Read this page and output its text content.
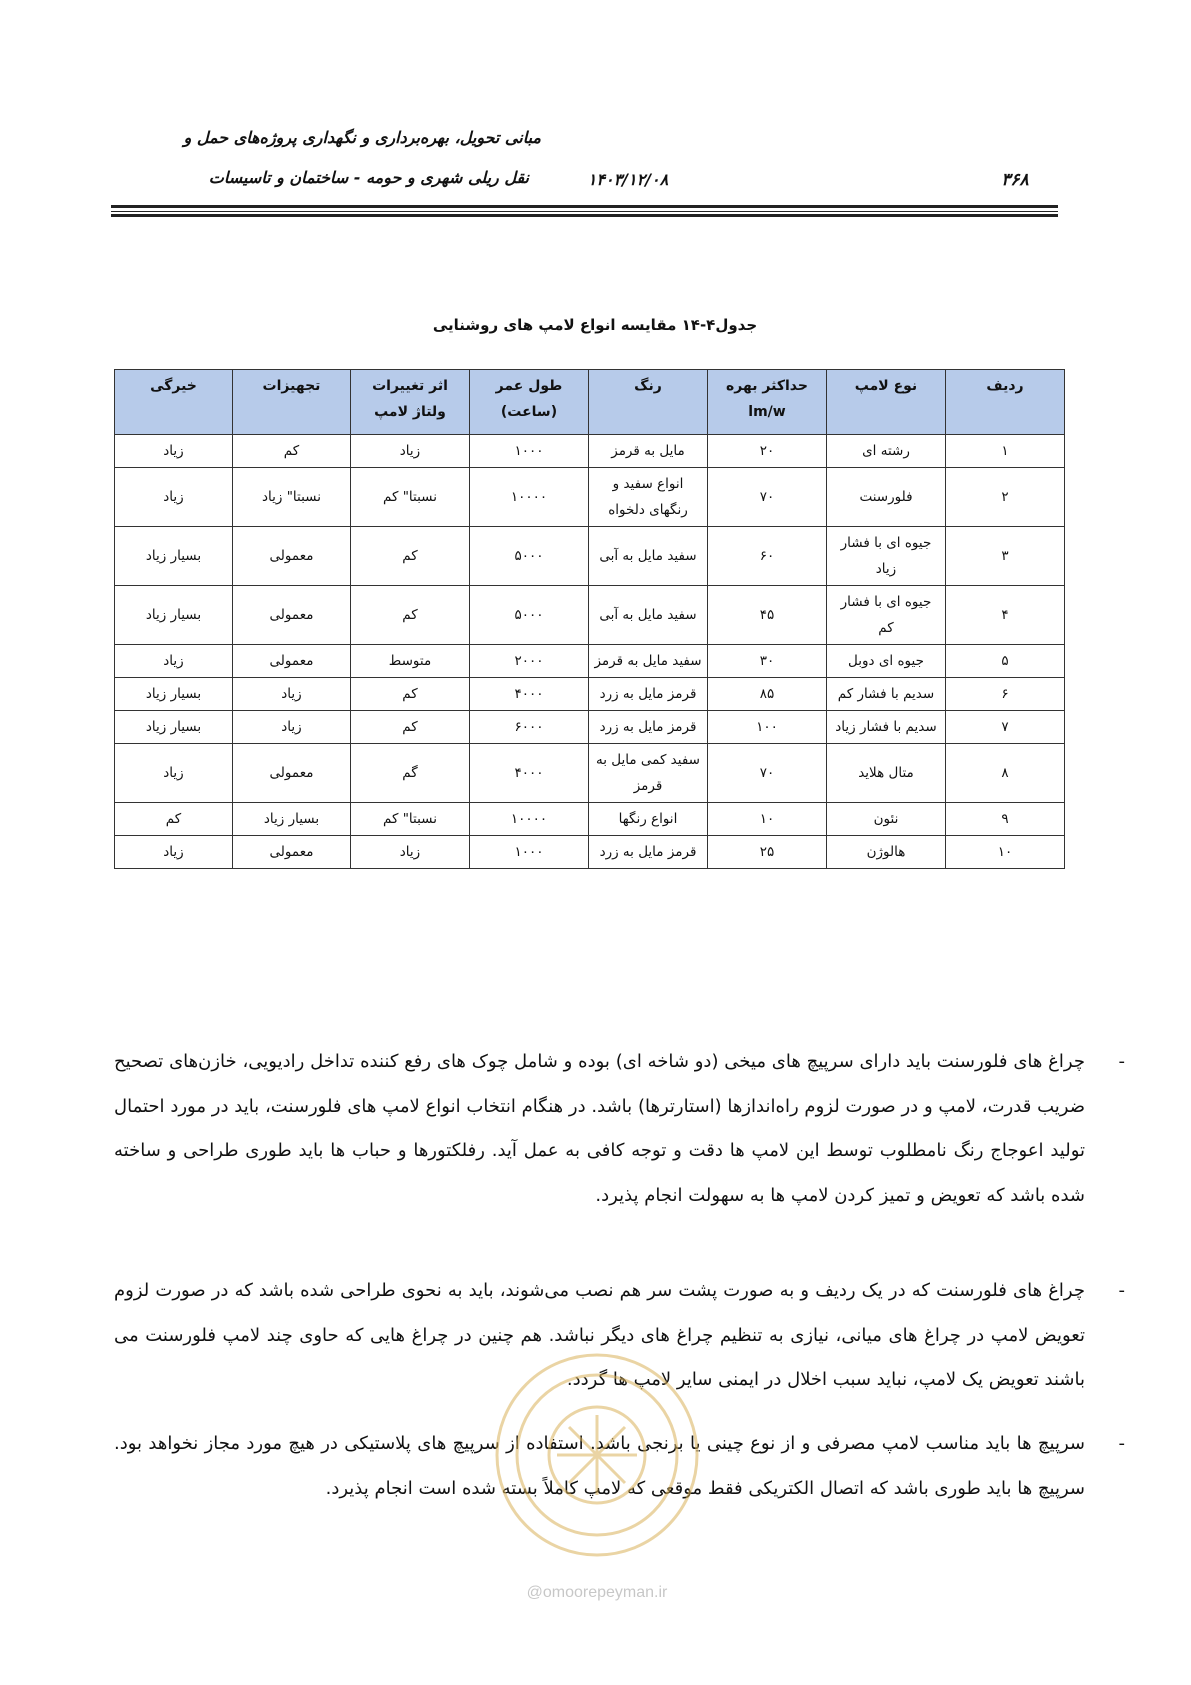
مبانی تحویل، بهره‌برداری و نگهداری پروژه‌های حمل و
نقل ریلی شهری و حومه - ساختمان و تاسیسات	۱۴۰۳/۱۲/۰۸	۳۶۸
جدول۴-۱۴ مقایسه انواع لامپ های روشنایی
ردیف	نوع لامپ	حداکثر بهره lm/w	رنگ	طول عمر (ساعت)	اثر تغییرات ولتاژ لامپ	تجهیزات	خیرگی
۱	رشته ای	۲۰	مایل به قرمز	۱۰۰۰	زیاد	کم	زیاد
۲	فلورسنت	۷۰	انواع سفید و رنگهای دلخواه	۱۰۰۰۰	نسبتا" کم	نسبتا" زیاد	زیاد
۳	جیوه ای با فشار زیاد	۶۰	سفید مایل به آبی	۵۰۰۰	کم	معمولی	بسیار زیاد
۴	جیوه ای با فشار کم	۴۵	سفید مایل به آبی	۵۰۰۰	کم	معمولی	بسیار زیاد
۵	جیوه ای دوبل	۳۰	سفید مایل به قرمز	۲۰۰۰	متوسط	معمولی	زیاد
۶	سدیم با فشار کم	۸۵	قرمز مایل به زرد	۴۰۰۰	کم	زیاد	بسیار زیاد
۷	سدیم با فشار زیاد	۱۰۰	قرمز مایل به زرد	۶۰۰۰	کم	زیاد	بسیار زیاد
۸	متال هلاید	۷۰	سفید کمی مایل به قرمز	۴۰۰۰	گم	معمولی	زیاد
۹	نئون	۱۰	انواع رنگها	۱۰۰۰۰	نسبتا" کم	بسیار زیاد	کم
۱۰	هالوژن	۲۵	قرمز مایل به زرد	۱۰۰۰	زیاد	معمولی	زیاد
-
چراغ های فلورسنت باید دارای سرپیچ های میخی (دو شاخه ای) بوده و شامل چوک های رفع کننده تداخل رادیویی، خازن‌های تصحیح ضریب قدرت، لامپ و در صورت لزوم راه‌اندازها (استارترها) باشد. در هنگام انتخاب انواع لامپ های فلورسنت، باید در مورد احتمال تولید اعوجاج رنگ نامطلوب توسط این لامپ ها دقت و توجه کافی به عمل آید. رفلکتورها و حباب ها باید طوری طراحی و ساخته شده باشد که تعویض و تمیز کردن لامپ ها به سهولت انجام پذیرد.
-
چراغ های فلورسنت که در یک ردیف و به صورت پشت سر هم نصب می‌شوند، باید به نحوی طراحی شده باشد که در صورت لزوم تعویض لامپ در چراغ های میانی، نیازی به تنظیم چراغ های دیگر نباشد. هم چنین در چراغ هایی که حاوی چند لامپ فلورسنت می باشند تعویض یک لامپ، نباید سبب اخلال در ایمنی سایر لامپ ها گردد.
-
سرپیچ ها باید مناسب لامپ مصرفی و از نوع چینی یا برنجی باشد. استفاده از سرپیچ های پلاستیکی در هیچ مورد مجاز نخواهد بود. سرپیچ ها باید طوری باشد که اتصال الکتریکی فقط موقعی که لامپ کاملاً بسته شده است انجام پذیرد.
@omoorepeyman.ir
